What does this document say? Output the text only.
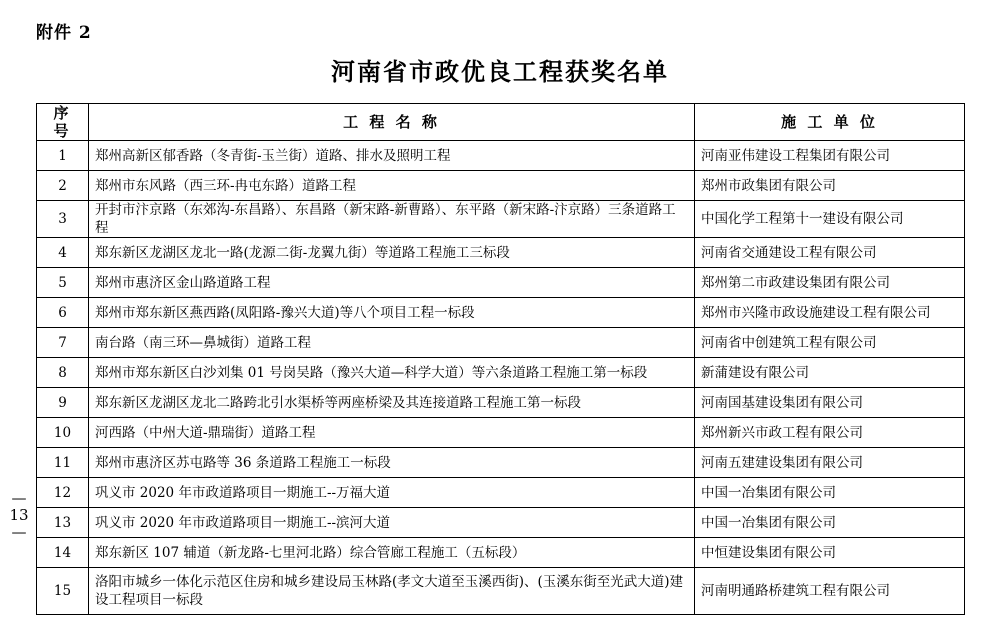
附件 2
河南省市政优良工程获奖名单
— 13 —
序 号	工 程 名 称	施 工 单 位
1	郑州高新区郁香路（冬青街-玉兰街）道路、排水及照明工程	河南亚伟建设工程集团有限公司
2	郑州市东风路（西三环-冉屯东路）道路工程	郑州市政集团有限公司
3	开封市汴京路（东郊沟-东昌路）、东昌路（新宋路-新曹路）、东平路（新宋路-汴京路）三条道路工程	中国化学工程第十一建设有限公司
4	郑东新区龙湖区龙北一路(龙源二街-龙翼九街）等道路工程施工三标段	河南省交通建设工程有限公司
5	郑州市惠济区金山路道路工程	郑州第二市政建设集团有限公司
6	郑州市郑东新区燕西路(凤阳路-豫兴大道)等八个项目工程一标段	郑州市兴隆市政设施建设工程有限公司
7	南台路（南三环—鼻城街）道路工程	河南省中创建筑工程有限公司
8	郑州市郑东新区白沙刘集 01 号岗吴路（豫兴大道—科学大道）等六条道路工程施工第一标段	新蒲建设有限公司
9	郑东新区龙湖区龙北二路跨北引水渠桥等两座桥梁及其连接道路工程施工第一标段	河南国基建设集团有限公司
10	河西路（中州大道-鼎瑞街）道路工程	郑州新兴市政工程有限公司
11	郑州市惠济区苏屯路等 36 条道路工程施工一标段	河南五建建设集团有限公司
12	巩义市 2020 年市政道路项目一期施工--万福大道	中国一冶集团有限公司
13	巩义市 2020 年市政道路项目一期施工--滨河大道	中国一冶集团有限公司
14	郑东新区 107 辅道（新龙路-七里河北路）综合管廊工程施工（五标段）	中恒建设集团有限公司
15	洛阳市城乡一体化示范区住房和城乡建设局玉林路(孝文大道至玉溪西街)、(玉溪东街至光武大道)建设工程项目一标段	河南明通路桥建筑工程有限公司
